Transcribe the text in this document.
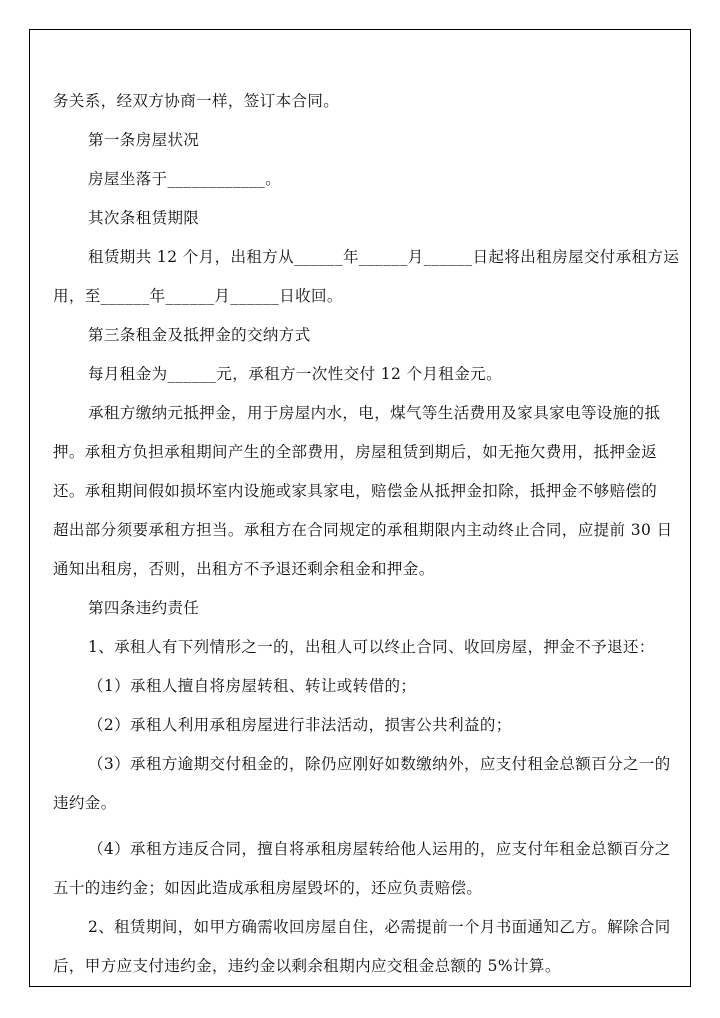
务关系，经双方协商一样，签订本合同。
第一条房屋状况
房屋坐落于____________。
其次条租赁期限
租赁期共 12 个月，出租方从______年______月______日起将出租房屋交付承租方运
用，至______年______月______日收回。
第三条租金及抵押金的交纳方式
每月租金为______元，承租方一次性交付 12 个月租金元。
承租方缴纳元抵押金，用于房屋内水，电，煤气等生活费用及家具家电等设施的抵
押。承租方负担承租期间产生的全部费用，房屋租赁到期后，如无拖欠费用，抵押金返
还。承租期间假如损坏室内设施或家具家电，赔偿金从抵押金扣除，抵押金不够赔偿的
超出部分须要承租方担当。承租方在合同规定的承租期限内主动终止合同，应提前 30 日
通知出租房，否则，出租方不予退还剩余租金和押金。
第四条违约责任
1、承租人有下列情形之一的，出租人可以终止合同、收回房屋，押金不予退还：
（1）承租人擅自将房屋转租、转让或转借的；
（2）承租人利用承租房屋进行非法活动，损害公共利益的；
（3）承租方逾期交付租金的，除仍应刚好如数缴纳外，应支付租金总额百分之一的
违约金。
（4）承租方违反合同，擅自将承租房屋转给他人运用的，应支付年租金总额百分之
五十的违约金；如因此造成承租房屋毁坏的，还应负责赔偿。
2、租赁期间，如甲方确需收回房屋自住，必需提前一个月书面通知乙方。解除合同
后，甲方应支付违约金，违约金以剩余租期内应交租金总额的 5%计算。
